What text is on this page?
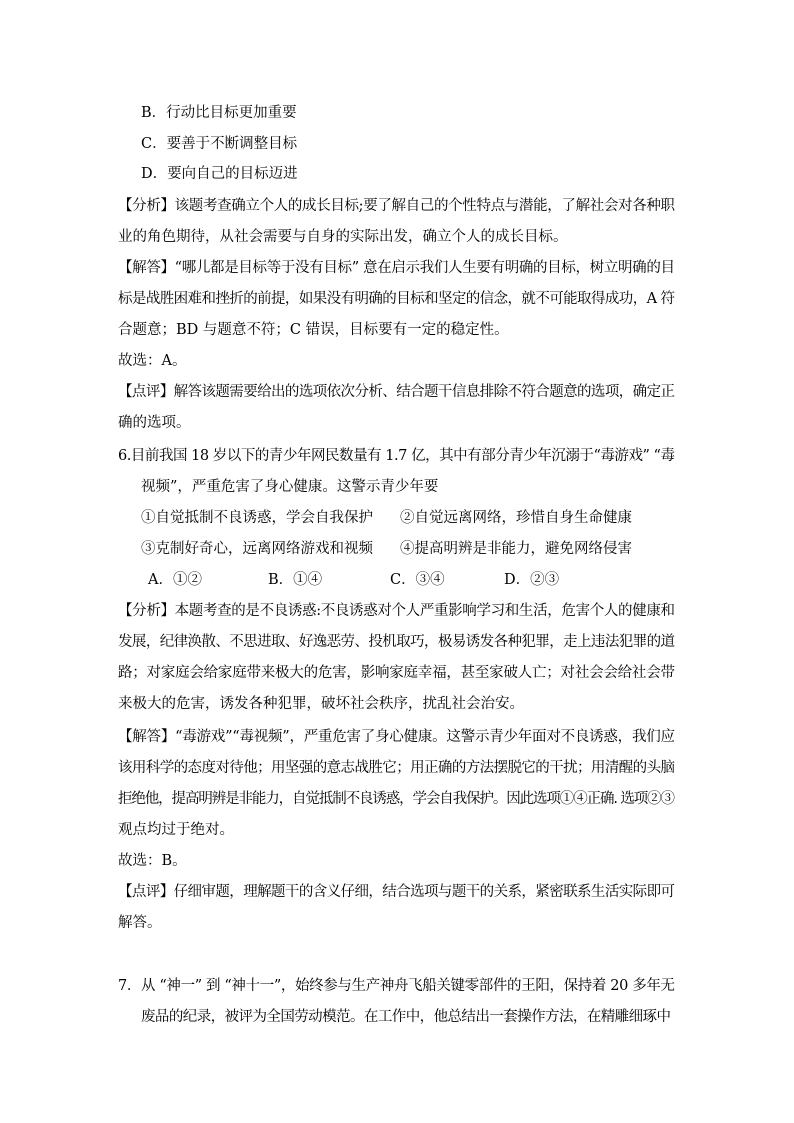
B．行动比目标更加重要
C．要善于不断调整目标
D．要向自己的目标迈进
【分析】该题考查确立个人的成长目标;要了解自己的个性特点与潜能，了解社会对各种职
业的角色期待，从社会需要与自身的实际出发，确立个人的成长目标。
【解答】“哪儿都是目标等于没有目标” 意在启示我们人生要有明确的目标，树立明确的目
标是战胜困难和挫折的前提，如果没有明确的目标和坚定的信念，就不可能取得成功，A 符
合题意；BD 与题意不符；C 错误，目标要有一定的稳定性。
故选：A。
【点评】解答该题需要给出的选项依次分析、结合题干信息排除不符合题意的选项，确定正
确的选项。
6.目前我国 18 岁以下的青少年网民数量有 1.7 亿，其中有部分青少年沉溺于“毒游戏” “毒
视频”，严重危害了身心健康。这警示青少年要
①自觉抵制不良诱惑，学会自我保护 ②自觉远离网络，珍惜自身生命健康
③克制好奇心，远离网络游戏和视频 ④提高明辨是非能力，避免网络侵害
A．①②	B．①④	C．③④	D．②③
【分析】本题考查的是不良诱惑:不良诱惑对个人严重影响学习和生活，危害个人的健康和
发展，纪律涣散、不思进取、好逸恶劳、投机取巧，极易诱发各种犯罪，走上违法犯罪的道
路；对家庭会给家庭带来极大的危害，影响家庭幸福，甚至家破人亡；对社会会给社会带
来极大的危害，诱发各种犯罪，破坏社会秩序，扰乱社会治安。
【解答】“毒游戏”“毒视频”，严重危害了身心健康。这警示青少年面对不良诱惑，我们应
该用科学的态度对待他；用坚强的意志战胜它；用正确的方法摆脱它的干扰；用清醒的头脑
拒绝他，提高明辨是非能力，自觉抵制不良诱惑，学会自我保护。因此选项①④正确. 选项②③
观点均过于绝对。
故选：B。
【点评】仔细审题，理解题干的含义仔细，结合选项与题干的关系，紧密联系生活实际即可
解答。
7．从 “神一” 到 “神十一”，始终参与生产神舟飞船关键零部件的王阳，保持着 20 多年无
废品的纪录，被评为全国劳动模范。在工作中，他总结出一套操作方法，在精雕细琢中
